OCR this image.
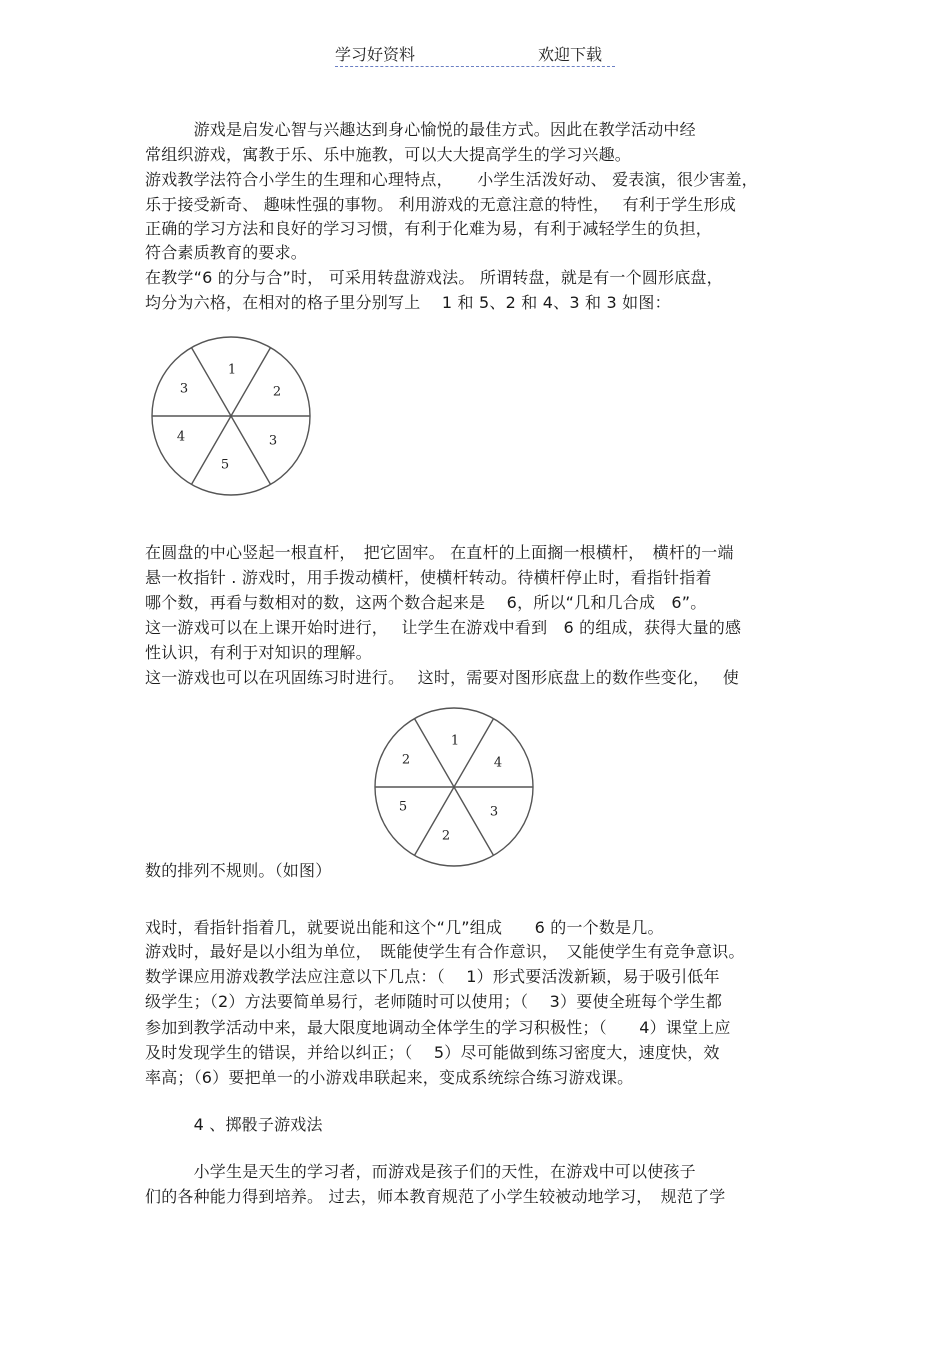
学习好资料	欢迎下载

　　　游戏是启发心智与兴趣达到身心愉悦的最佳方式。因此在教学活动中经

常组织游戏，寓教于乐、乐中施教，可以大大提高学生的学习兴趣。

游戏教学法符合小学生的生理和心理特点，　　小学生活泼好动、 爱表演，很少害羞，

乐于接受新奇、 趣味性强的事物。 利用游戏的无意注意的特性，　 有利于学生形成

正确的学习方法和良好的学习习惯，有利于化难为易，有利于减轻学生的负担，

符合素质教育的要求。

在教学“6 的分与合”时， 可采用转盘游戏法。 所谓转盘，就是有一个圆形底盘，

均分为六格，在相对的格子里分别写上　 1 和 5、2 和 4、3 和 3 如图：

1
2
3
5
4
3

在圆盘的中心竖起一根直杆，　把它固牢。 在直杆的上面搁一根横杆，　横杆的一端

悬一枚指针 . 游戏时，用手拨动横杆，使横杆转动。待横杆停止时，看指针指着

哪个数，再看与数相对的数，这两个数合起来是　 6，所以“几和几合成　6”。

这一游戏可以在上课开始时进行，　 让学生在游戏中看到　6 的组成，获得大量的感

性认识，有利于对知识的理解。

这一游戏也可以在巩固练习时进行。　 这时，需要对图形底盘上的数作些变化，　 使

1
4
3
2
5
2

数的排列不规则。（如图）

戏时，看指针指着几，就要说出能和这个“几”组成　　6 的一个数是几。

游戏时，最好是以小组为单位，　既能使学生有合作意识，　又能使学生有竞争意识。

数学课应用游戏教学法应注意以下几点：（　 1）形式要活泼新颖，易于吸引低年

级学生；（2）方法要简单易行，老师随时可以使用；（　 3）要使全班每个学生都

参加到教学活动中来，最大限度地调动全体学生的学习积极性；（　　4）课堂上应

及时发现学生的错误，并给以纠正；（　 5）尽可能做到练习密度大，速度快，效

率高；（6）要把单一的小游戏串联起来，变成系统综合练习游戏课。

　　　4 、掷骰子游戏法

　　　小学生是天生的学习者，而游戏是孩子们的天性，在游戏中可以使孩子

们的各种能力得到培养。 过去，师本教育规范了小学生较被动地学习，　规范了学
